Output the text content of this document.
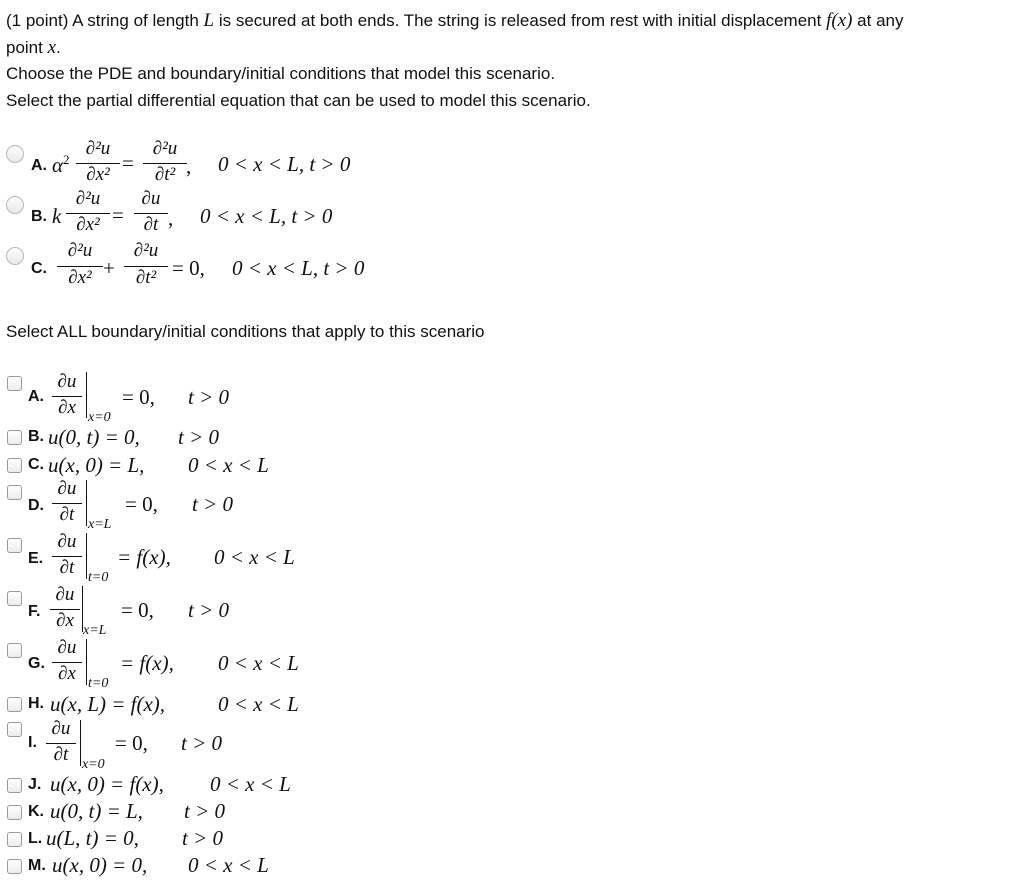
(1 point) A string of length L is secured at both ends. The string is released from rest with initial displacement f(x) at any
point x.
Choose the PDE and boundary/initial conditions that model this scenario.
Select the partial differential equation that can be used to model this scenario.
A. $\alpha^2$
∂²u
∂x² =
∂²u
∂t² , 0 < x < L, t > 0
B. k
∂²u
∂x² =
∂u
∂t , 0 < x < L, t > 0
C.
∂²u
∂x² +
∂²u
∂t² = 0, 0 < x < L, t > 0
Select ALL boundary/initial conditions that apply to this scenario
A.
∂u
∂x x=0
= 0, t > 0
B. u(0, t) = 0, t > 0
C. u(x, 0) = L, 0 < x < L
D.
∂u
∂t x=L
= 0, t > 0
E.
∂u
∂t t=0
= f(x), 0 < x < L
F.
∂u
∂x x=L
= 0, t > 0
G.
∂u
∂x t=0
= f(x), 0 < x < L
H. u(x, L) = f(x),	0 < x < L
I.
∂u
∂t x=0
= 0, t > 0
J. u(x, 0) = f(x), 0 < x < L
K. u(0, t) = L, t > 0
L. u(L, t) = 0, t > 0
M. u(x, 0) = 0, 0 < x < L
